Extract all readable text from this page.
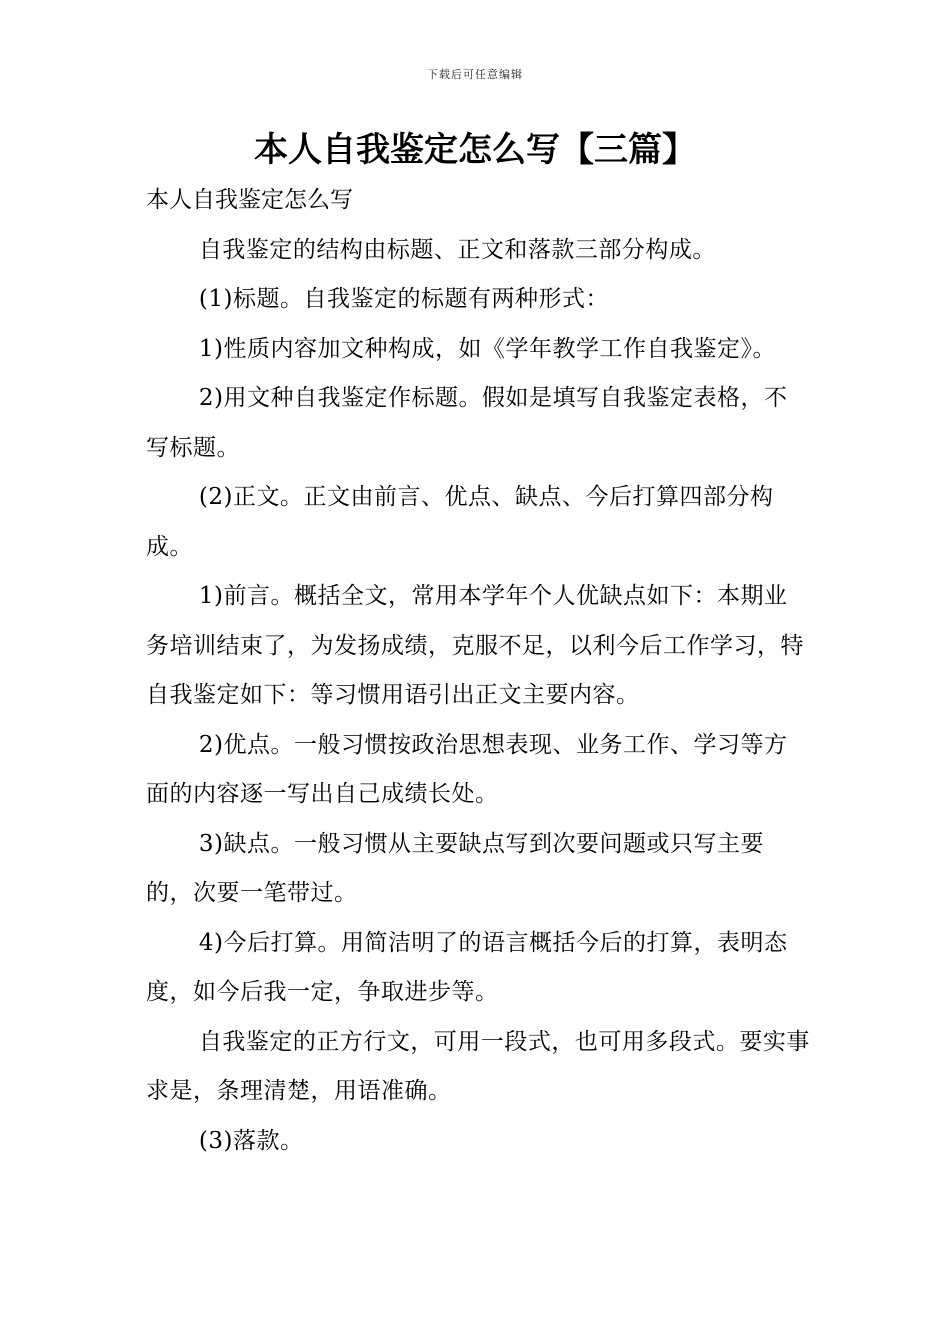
下载后可任意编辑
本人自我鉴定怎么写【三篇】

本人自我鉴定怎么写

自我鉴定的结构由标题、正文和落款三部分构成。

(1)标题。自我鉴定的标题有两种形式：

1)性质内容加文种构成，如《学年教学工作自我鉴定》。

2)用文种自我鉴定作标题。假如是填写自我鉴定表格，不写标题。

(2)正文。正文由前言、优点、缺点、今后打算四部分构成。

1)前言。概括全文，常用本学年个人优缺点如下：本期业务培训结束了，为发扬成绩，克服不足，以利今后工作学习，特自我鉴定如下：等习惯用语引出正文主要内容。

2)优点。一般习惯按政治思想表现、业务工作、学习等方面的内容逐一写出自己成绩长处。

3)缺点。一般习惯从主要缺点写到次要问题或只写主要的，次要一笔带过。

4)今后打算。用简洁明了的语言概括今后的打算，表明态度，如今后我一定，争取进步等。

自我鉴定的正方行文，可用一段式，也可用多段式。要实事求是，条理清楚，用语准确。

(3)落款。
